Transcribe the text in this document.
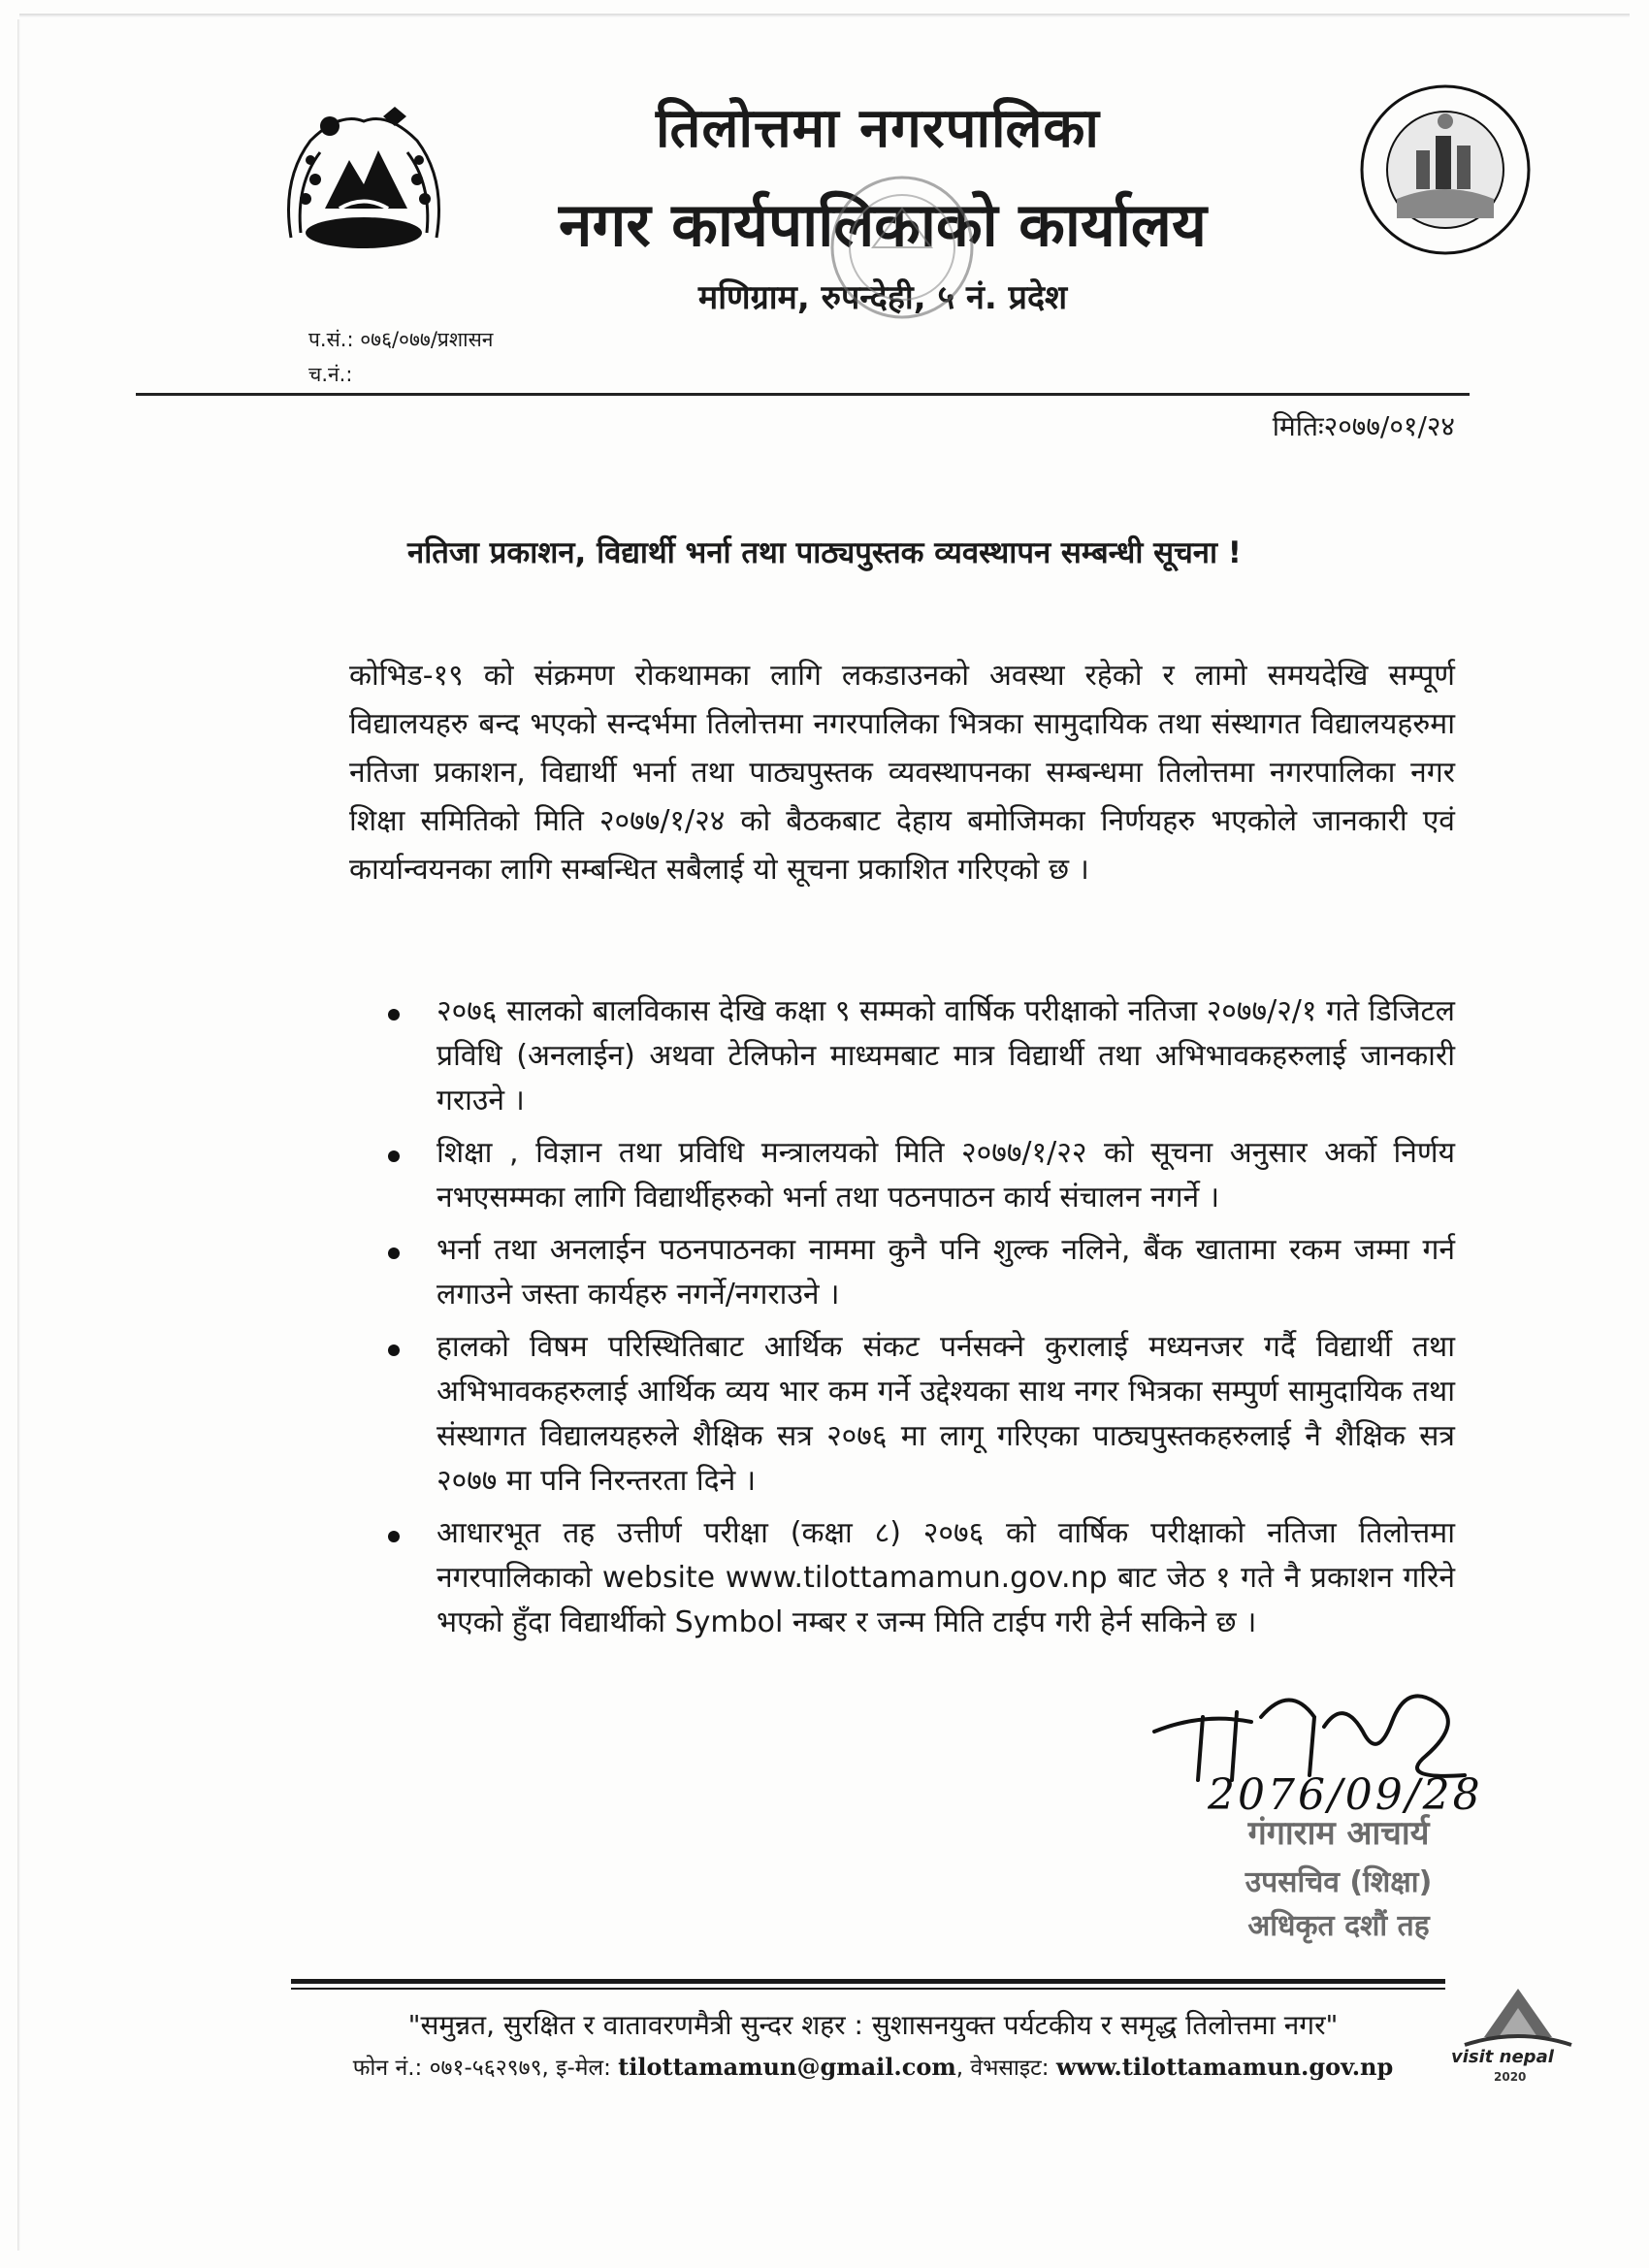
तिलोत्तमा नगरपालिका
नगर कार्यपालिकाको कार्यालय
मणिग्राम, रुपन्देही, ५ नं. प्रदेश
प.सं.: ०७६/०७७/प्रशासन
च.नं.:
मितिः२०७७/०१/२४
नतिजा प्रकाशन, विद्यार्थी भर्ना तथा पाठ्यपुस्तक व्यवस्थापन सम्बन्धी सूचना !
कोभिड-१९ को संक्रमण रोकथामका लागि लकडाउनको अवस्था रहेको र लामो समयदेखि सम्पूर्ण विद्यालयहरु बन्द भएको सन्दर्भमा तिलोत्तमा नगरपालिका भित्रका सामुदायिक तथा संस्थागत विद्यालयहरुमा नतिजा प्रकाशन, विद्यार्थी भर्ना तथा पाठ्यपुस्तक व्यवस्थापनका सम्बन्धमा तिलोत्तमा नगरपालिका नगर शिक्षा समितिको मिति २०७७/१/२४ को बैठकबाट देहाय बमोजिमका निर्णयहरु भएकोले जानकारी एवं कार्यान्वयनका लागि सम्बन्धित सबैलाई यो सूचना प्रकाशित गरिएको छ ।
२०७६ सालको बालविकास देखि कक्षा ९ सम्मको वार्षिक परीक्षाको नतिजा २०७७/२/१ गते डिजिटल प्रविधि (अनलाईन) अथवा टेलिफोन माध्यमबाट मात्र विद्यार्थी तथा अभिभावकहरुलाई जानकारी गराउने ।
शिक्षा , विज्ञान तथा प्रविधि मन्त्रालयको मिति २०७७/१/२२ को सूचना अनुसार अर्को निर्णय नभएसम्मका लागि विद्यार्थीहरुको भर्ना तथा पठनपाठन कार्य संचालन नगर्ने ।
भर्ना तथा अनलाईन पठनपाठनका नाममा कुनै पनि शुल्क नलिने, बैंक खातामा रकम जम्मा गर्न लगाउने जस्ता कार्यहरु नगर्ने/नगराउने ।
हालको विषम परिस्थितिबाट आर्थिक संकट पर्नसक्ने कुरालाई मध्यनजर गर्दै विद्यार्थी तथा अभिभावकहरुलाई आर्थिक व्यय भार कम गर्ने उद्देश्यका साथ नगर भित्रका सम्पुर्ण सामुदायिक तथा संस्थागत विद्यालयहरुले शैक्षिक सत्र २०७६ मा लागू गरिएका पाठ्यपुस्तकहरुलाई नै शैक्षिक सत्र २०७७ मा पनि निरन्तरता दिने ।
आधारभूत तह उत्तीर्ण परीक्षा (कक्षा ८) २०७६ को वार्षिक परीक्षाको नतिजा तिलोत्तमा नगरपालिकाको website www.tilottamamun.gov.np बाट जेठ १ गते नै प्रकाशन गरिने भएको हुँदा विद्यार्थीको Symbol नम्बर र जन्म मिति टाईप गरी हेर्न सकिने छ ।
2076/09/28
गंगाराम आचार्य
उपसचिव (शिक्षा)
अधिकृत दशौं तह
"समुन्नत, सुरक्षित र वातावरणमैत्री सुन्दर शहर : सुशासनयुक्त पर्यटकीय र समृद्ध तिलोत्तमा नगर"
फोन नं.: ०७१-५६२९७९, इ-मेल: tilottamamun@gmail.com, वेभसाइट: www.tilottamamun.gov.np	visit nepal
2020
